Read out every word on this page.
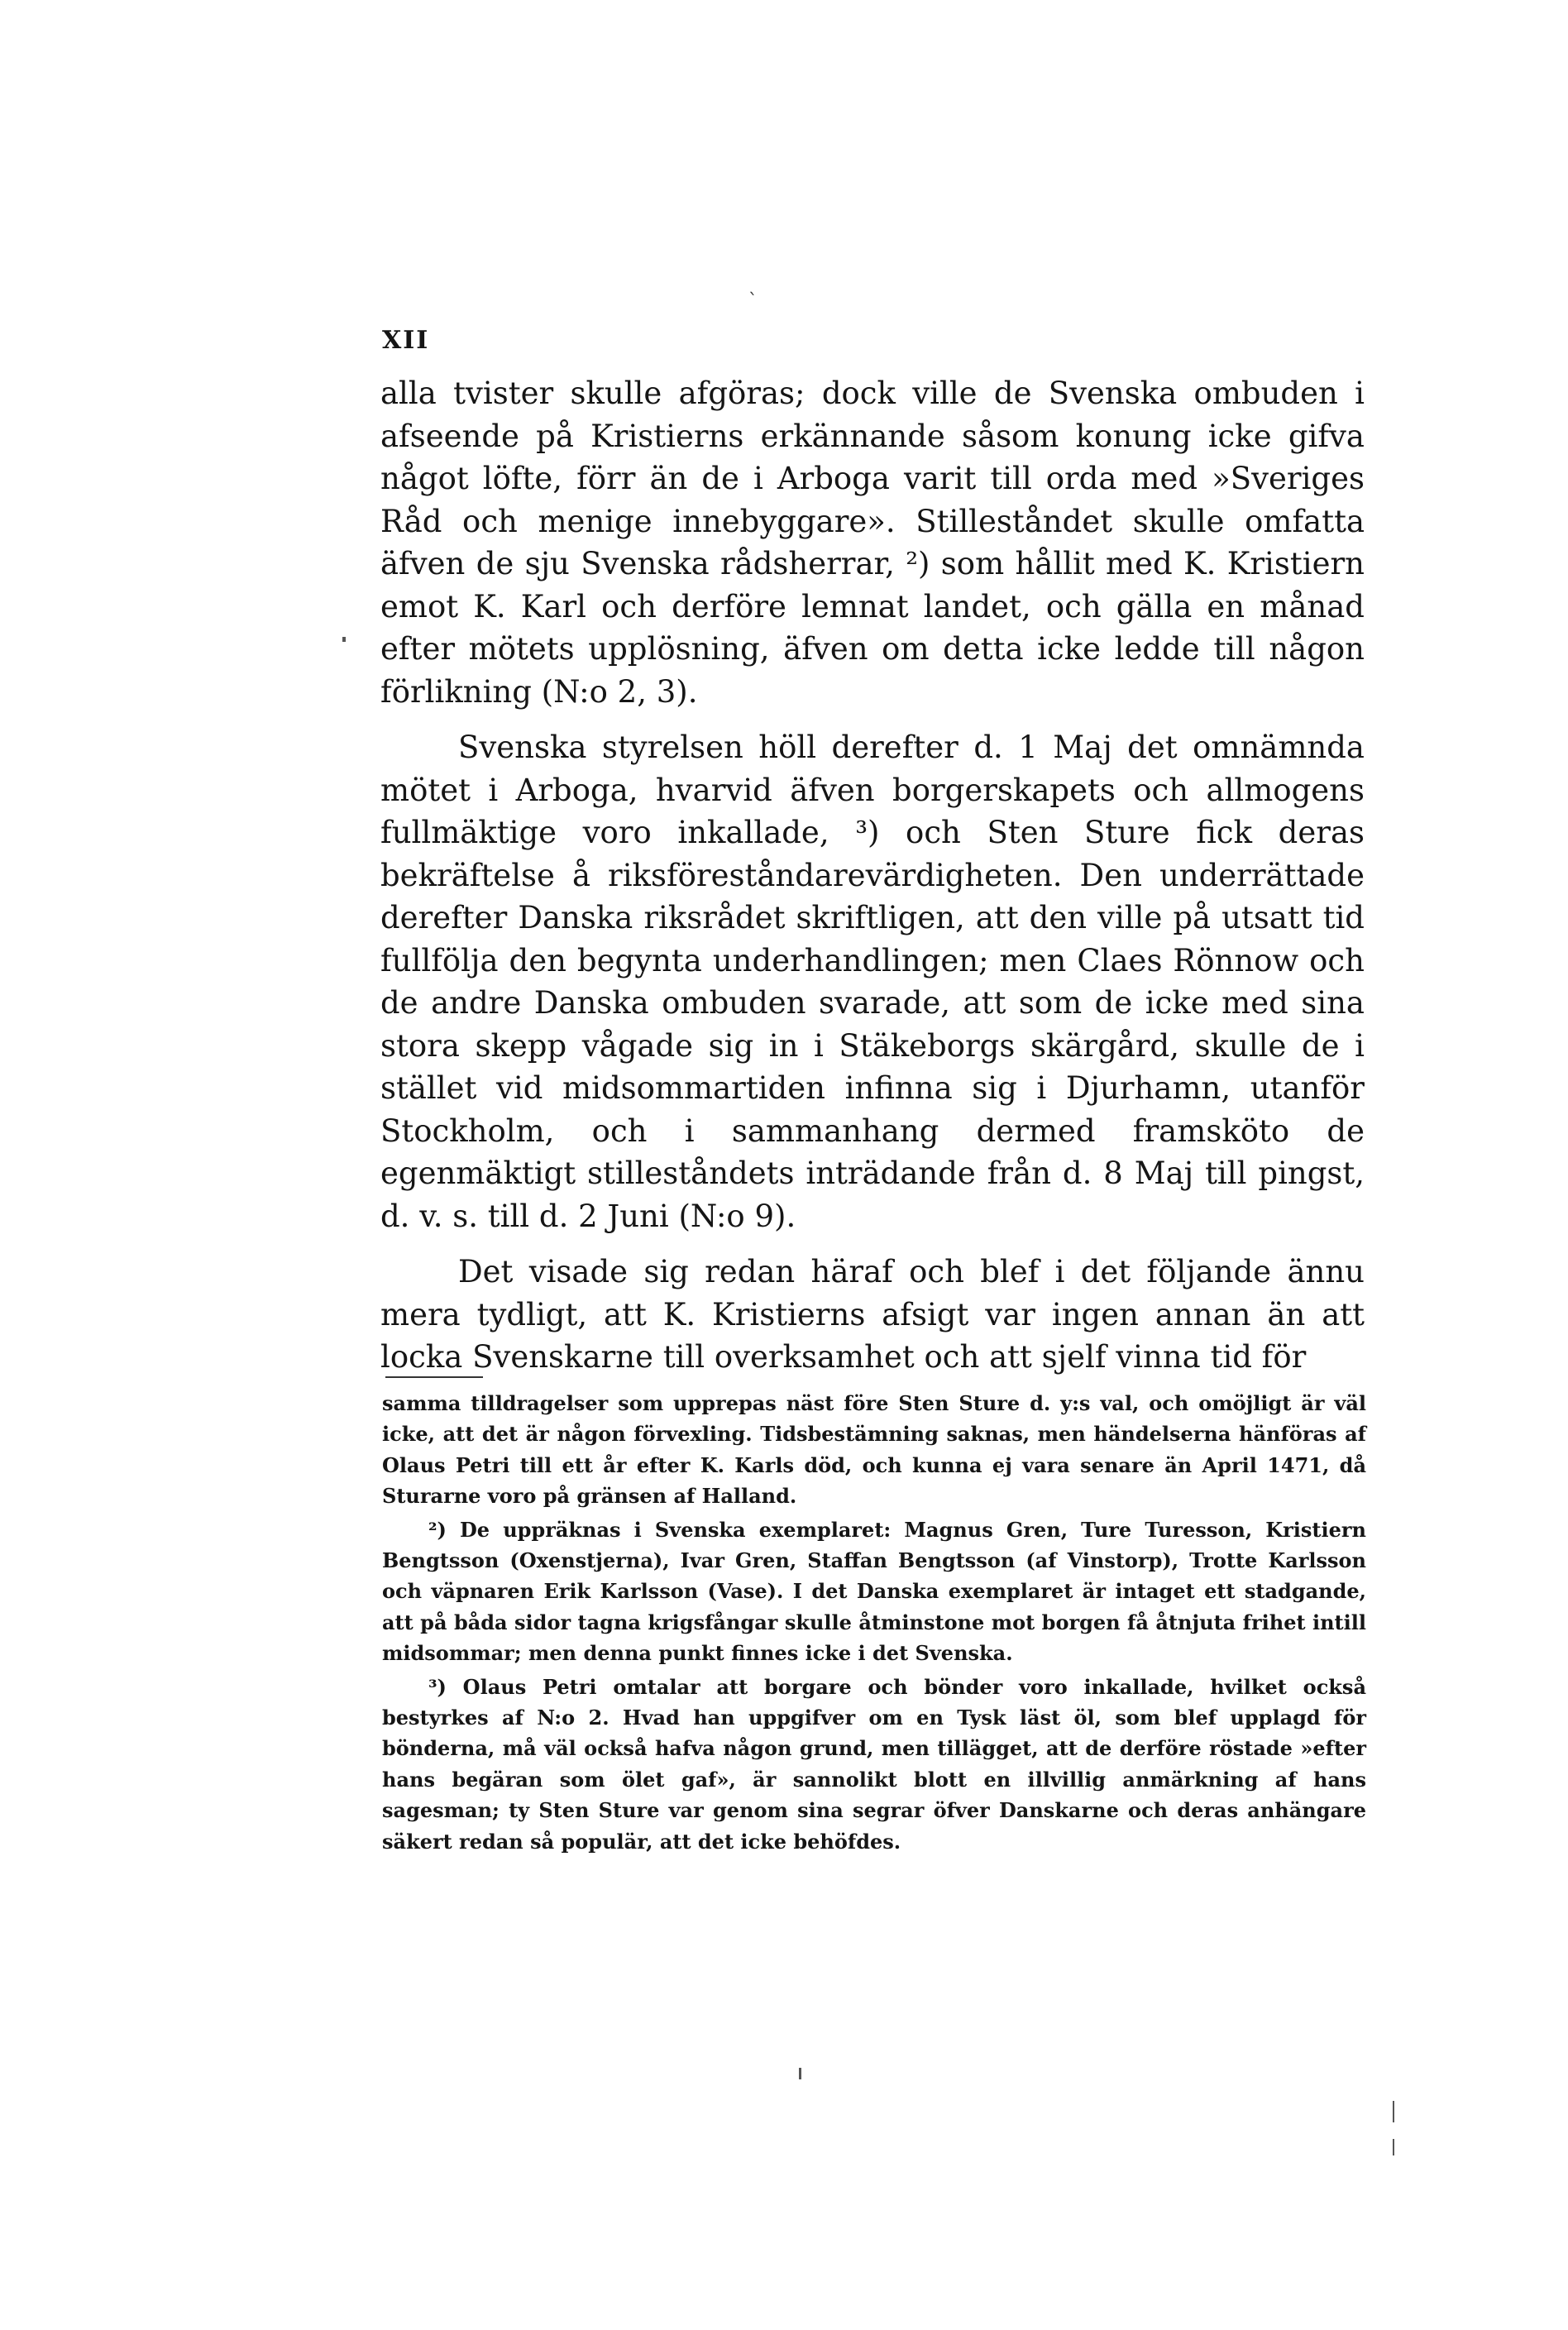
XII
ˋ

alla tvister skulle afgöras; dock ville de Svenska ombuden i afseende på Kristierns erkännande såsom konung icke gifva något löfte, förr än de i Arboga varit till orda med »Sveriges Råd och menige innebyggare». Stilleståndet skulle omfatta äfven de sju Svenska rådsherrar, ²) som hållit med K. Kristiern emot K. Karl och derföre lemnat landet, och gälla en månad efter mötets upplösning, äfven om detta icke ledde till någon förlikning (N:o 2, 3).

Svenska styrelsen höll derefter d. 1 Maj det omnämnda mötet i Arboga, hvarvid äfven borgerskapets och allmogens fullmäktige voro inkallade, ³) och Sten Sture fick deras bekräftelse å riksföreståndarevärdigheten. Den underrättade derefter Danska riksrådet skriftligen, att den ville på utsatt tid fullfölja den begynta underhandlingen; men Claes Rönnow och de andre Danska ombuden svarade, att som de icke med sina stora skepp vågade sig in i Stäkeborgs skärgård, skulle de i stället vid midsommartiden infinna sig i Djurhamn, utanför Stockholm, och i sammanhang dermed framsköto de egenmäktigt stilleståndets inträdande från d. 8 Maj till pingst, d. v. s. till d. 2 Juni (N:o 9).

Det visade sig redan häraf och blef i det följande ännu mera tydligt, att K. Kristierns afsigt var ingen annan än att locka Svenskarne till overksamhet och att sjelf vinna tid för

samma tilldragelser som upprepas näst före Sten Sture d. y:s val, och omöjligt är väl icke, att det är någon förvexling. Tidsbestämning saknas, men händelserna hänföras af Olaus Petri till ett år efter K. Karls död, och kunna ej vara senare än April 1471, då Sturarne voro på gränsen af Halland.

²) De uppräknas i Svenska exemplaret: Magnus Gren, Ture Turesson, Kristiern Bengtsson (Oxenstjerna), Ivar Gren, Staffan Bengtsson (af Vinstorp), Trotte Karlsson och väpnaren Erik Karlsson (Vase). I det Danska exemplaret är intaget ett stadgande, att på båda sidor tagna krigsfångar skulle åtminstone mot borgen få åtnjuta frihet intill midsommar; men denna punkt finnes icke i det Svenska.

³) Olaus Petri omtalar att borgare och bönder voro inkallade, hvilket också bestyrkes af N:o 2. Hvad han uppgifver om en Tysk läst öl, som blef upplagd för bönderna, må väl också hafva någon grund, men tillägget, att de derföre röstade »efter hans begäran som ölet gaf», är sannolikt blott en illvillig anmärkning af hans sagesman; ty Sten Sture var genom sina segrar öfver Danskarne och deras anhängare säkert redan så populär, att det icke behöfdes.
